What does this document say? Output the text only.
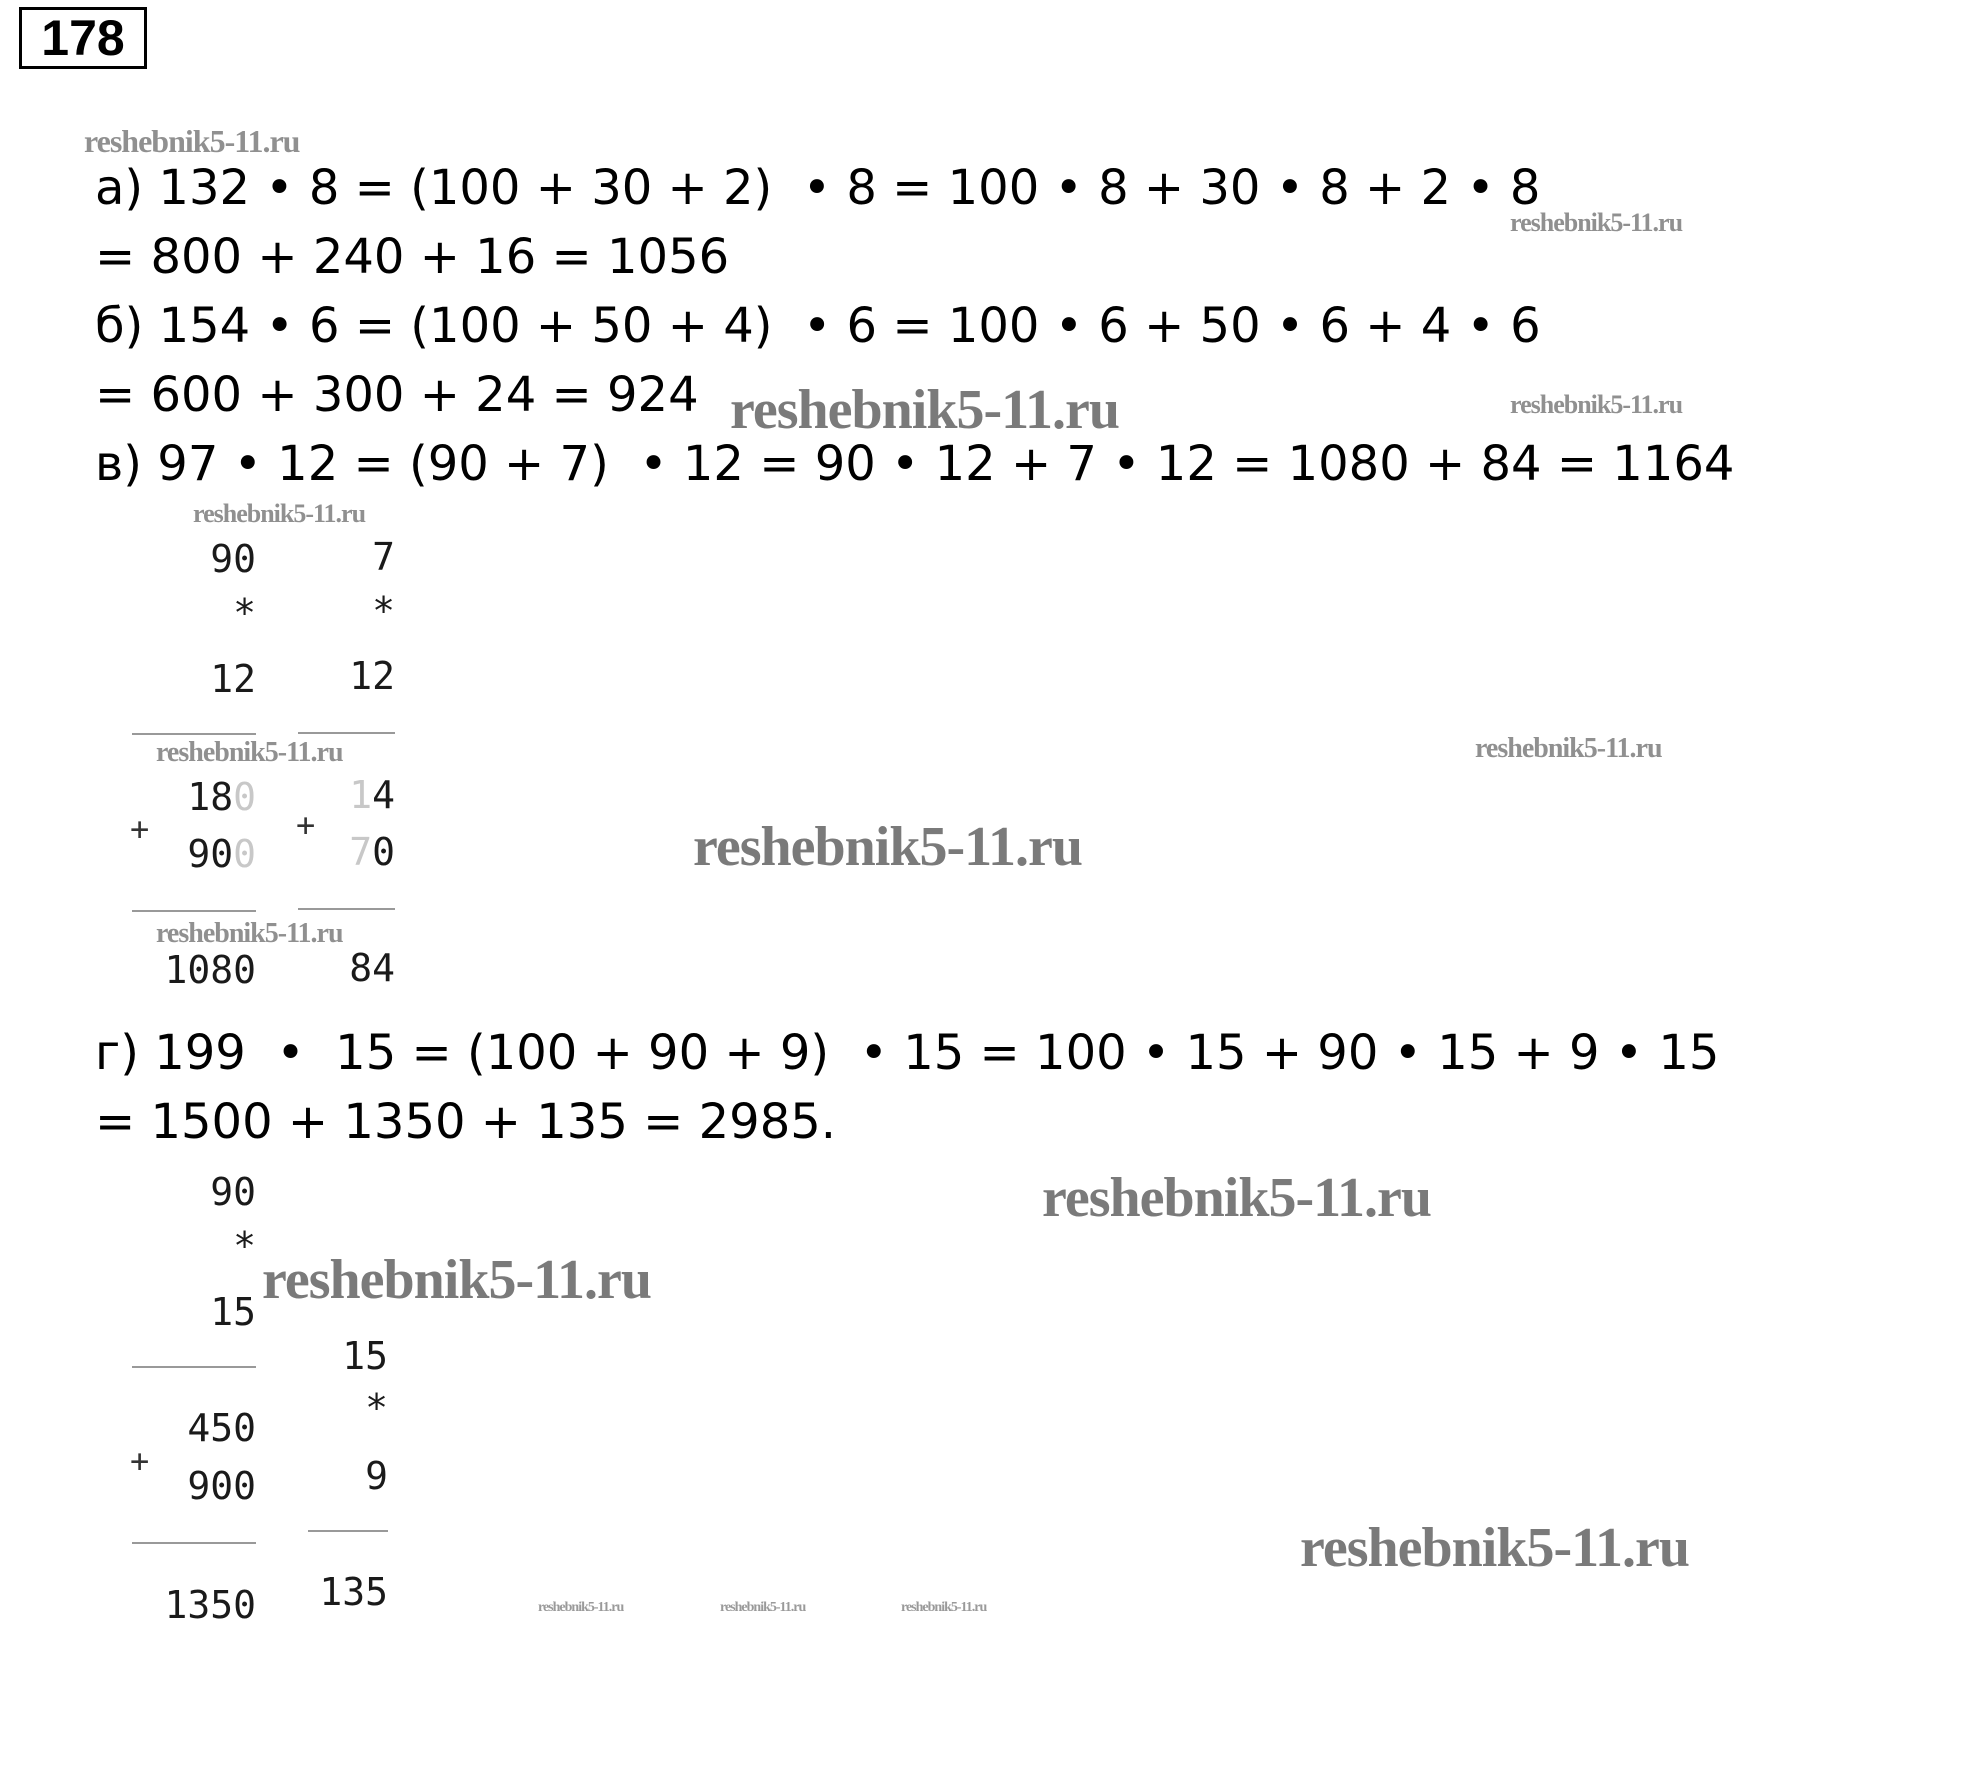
178
а) 132 • 8 = (100 + 30 + 2)  • 8 = 100 • 8 + 30 • 8 + 2 • 8
= 800 + 240 + 16 = 1056
б) 154 • 6 = (100 + 50 + 4)  • 6 = 100 • 6 + 50 • 6 + 4 • 6
= 600 + 300 + 24 = 924
в) 97 • 12 = (90 + 7)  • 12 = 90 • 12 + 7 • 12 = 1080 + 84 = 1164
г) 199  •  15 = (100 + 90 + 9)  • 15 = 100 • 15 + 90 • 15 + 9 • 15
= 1500 + 1350 + 135 = 2985.
90
*
12
180
+
900
1080
7
*
12
14
+
70
84
90
*
15
450
+
900
1350
15
*
9
135
reshebnik5-11.ru
reshebnik5-11.ru
reshebnik5-11.ru	reshebnik5-11.ru
reshebnik5-11.ru
reshebnik5-11.ru
reshebnik5-11.ru
reshebnik5-11.ru
reshebnik5-11.ru
reshebnik5-11.ru
reshebnik5-11.ru
reshebnik5-11.ru
reshebnik5-11.ru	reshebnik5-11.ru	reshebnik5-11.ru
